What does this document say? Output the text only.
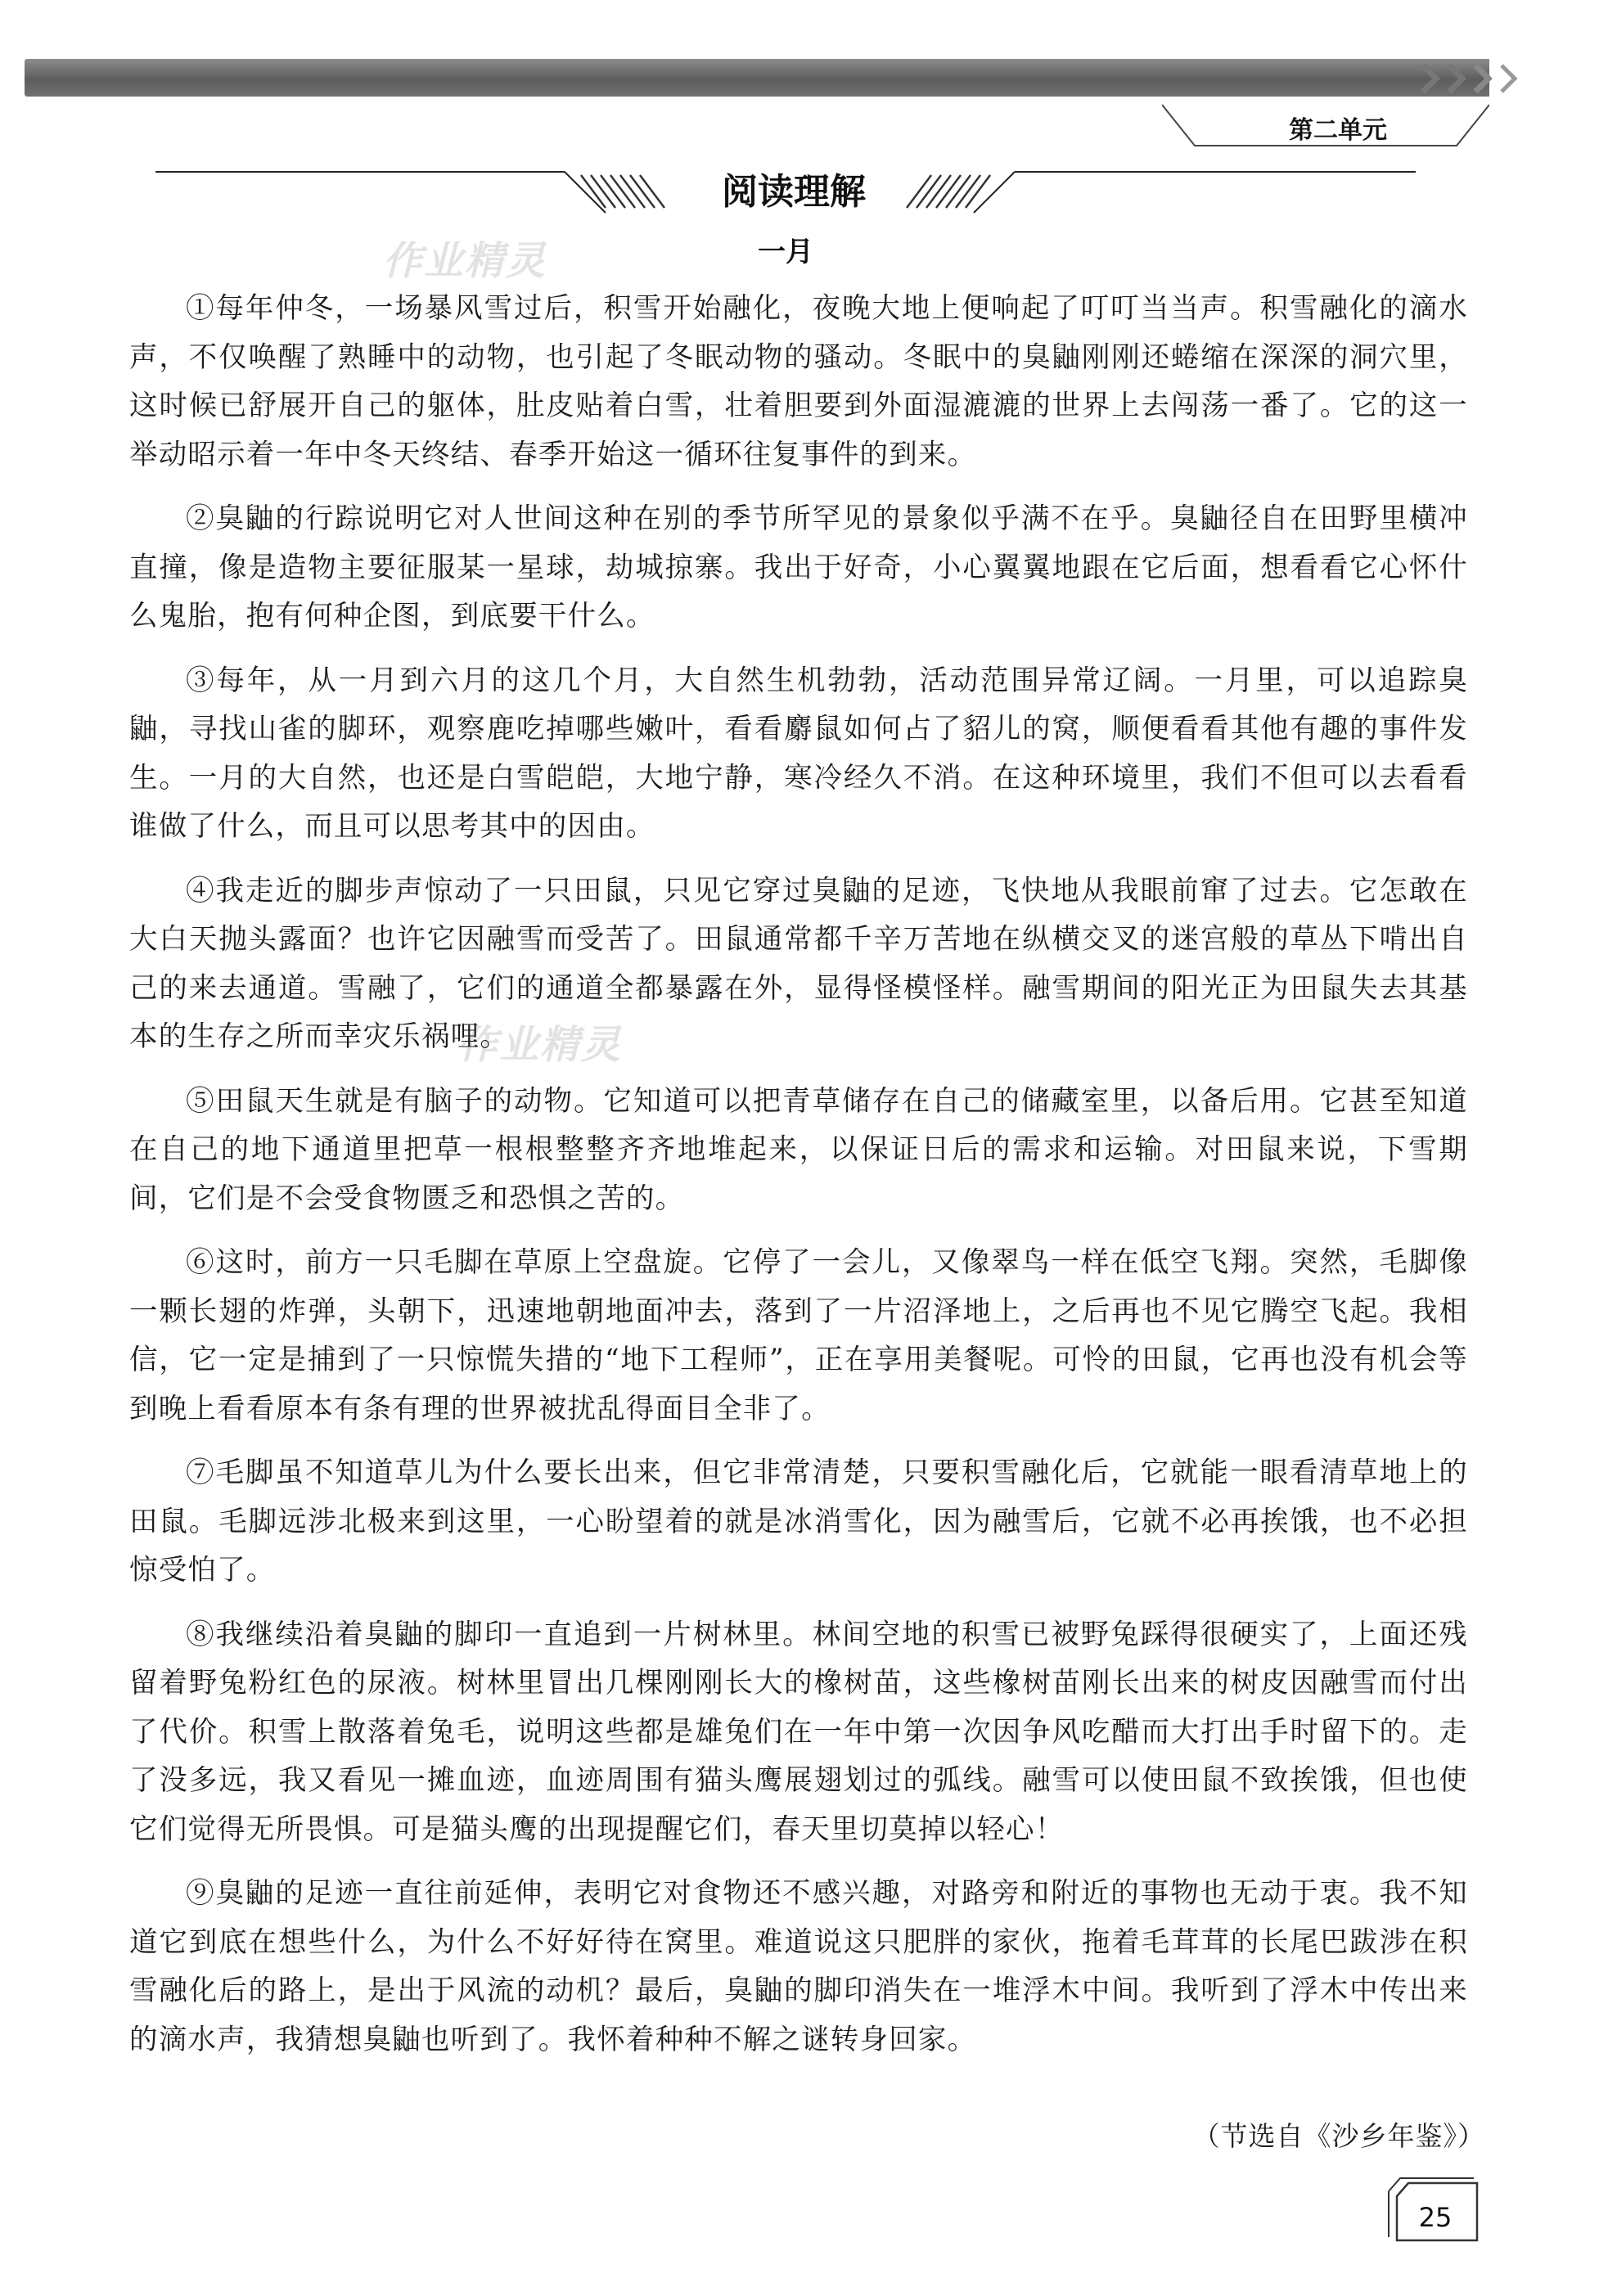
第二单元
阅读理解
作业精灵
作业精灵
一月

①每年仲冬，一场暴风雪过后，积雪开始融化，夜晚大地上便响起了叮叮当当声。积雪融化的滴水声，不仅唤醒了熟睡中的动物，也引起了冬眠动物的骚动。冬眠中的臭鼬刚刚还蜷缩在深深的洞穴里，这时候已舒展开自己的躯体，肚皮贴着白雪，壮着胆要到外面湿漉漉的世界上去闯荡一番了。它的这一举动昭示着一年中冬天终结、春季开始这一循环往复事件的到来。

②臭鼬的行踪说明它对人世间这种在别的季节所罕见的景象似乎满不在乎。臭鼬径自在田野里横冲直撞，像是造物主要征服某一星球，劫城掠寨。我出于好奇，小心翼翼地跟在它后面，想看看它心怀什么鬼胎，抱有何种企图，到底要干什么。

③每年，从一月到六月的这几个月，大自然生机勃勃，活动范围异常辽阔。一月里，可以追踪臭鼬，寻找山雀的脚环，观察鹿吃掉哪些嫩叶，看看麝鼠如何占了貂儿的窝，顺便看看其他有趣的事件发生。一月的大自然，也还是白雪皑皑，大地宁静，寒冷经久不消。在这种环境里，我们不但可以去看看谁做了什么，而且可以思考其中的因由。

④我走近的脚步声惊动了一只田鼠，只见它穿过臭鼬的足迹，飞快地从我眼前窜了过去。它怎敢在大白天抛头露面？也许它因融雪而受苦了。田鼠通常都千辛万苦地在纵横交叉的迷宫般的草丛下啃出自己的来去通道。雪融了，它们的通道全都暴露在外，显得怪模怪样。融雪期间的阳光正为田鼠失去其基本的生存之所而幸灾乐祸哩。

⑤田鼠天生就是有脑子的动物。它知道可以把青草储存在自己的储藏室里，以备后用。它甚至知道在自己的地下通道里把草一根根整整齐齐地堆起来，以保证日后的需求和运输。对田鼠来说，下雪期间，它们是不会受食物匮乏和恐惧之苦的。

⑥这时，前方一只毛脚在草原上空盘旋。它停了一会儿，又像翠鸟一样在低空飞翔。突然，毛脚像一颗长翅的炸弹，头朝下，迅速地朝地面冲去，落到了一片沼泽地上，之后再也不见它腾空飞起。我相信，它一定是捕到了一只惊慌失措的“地下工程师”，正在享用美餐呢。可怜的田鼠，它再也没有机会等到晚上看看原本有条有理的世界被扰乱得面目全非了。

⑦毛脚虽不知道草儿为什么要长出来，但它非常清楚，只要积雪融化后，它就能一眼看清草地上的田鼠。毛脚远涉北极来到这里，一心盼望着的就是冰消雪化，因为融雪后，它就不必再挨饿，也不必担惊受怕了。

⑧我继续沿着臭鼬的脚印一直追到一片树林里。林间空地的积雪已被野兔踩得很硬实了，上面还残留着野兔粉红色的尿液。树林里冒出几棵刚刚长大的橡树苗，这些橡树苗刚长出来的树皮因融雪而付出了代价。积雪上散落着兔毛，说明这些都是雄兔们在一年中第一次因争风吃醋而大打出手时留下的。走了没多远，我又看见一摊血迹，血迹周围有猫头鹰展翅划过的弧线。融雪可以使田鼠不致挨饿，但也使它们觉得无所畏惧。可是猫头鹰的出现提醒它们，春天里切莫掉以轻心！

⑨臭鼬的足迹一直往前延伸，表明它对食物还不感兴趣，对路旁和附近的事物也无动于衷。我不知道它到底在想些什么，为什么不好好待在窝里。难道说这只肥胖的家伙，拖着毛茸茸的长尾巴跋涉在积雪融化后的路上，是出于风流的动机？最后，臭鼬的脚印消失在一堆浮木中间。我听到了浮木中传出来的滴水声，我猜想臭鼬也听到了。我怀着种种不解之谜转身回家。

（节选自《沙乡年鉴》）
25
